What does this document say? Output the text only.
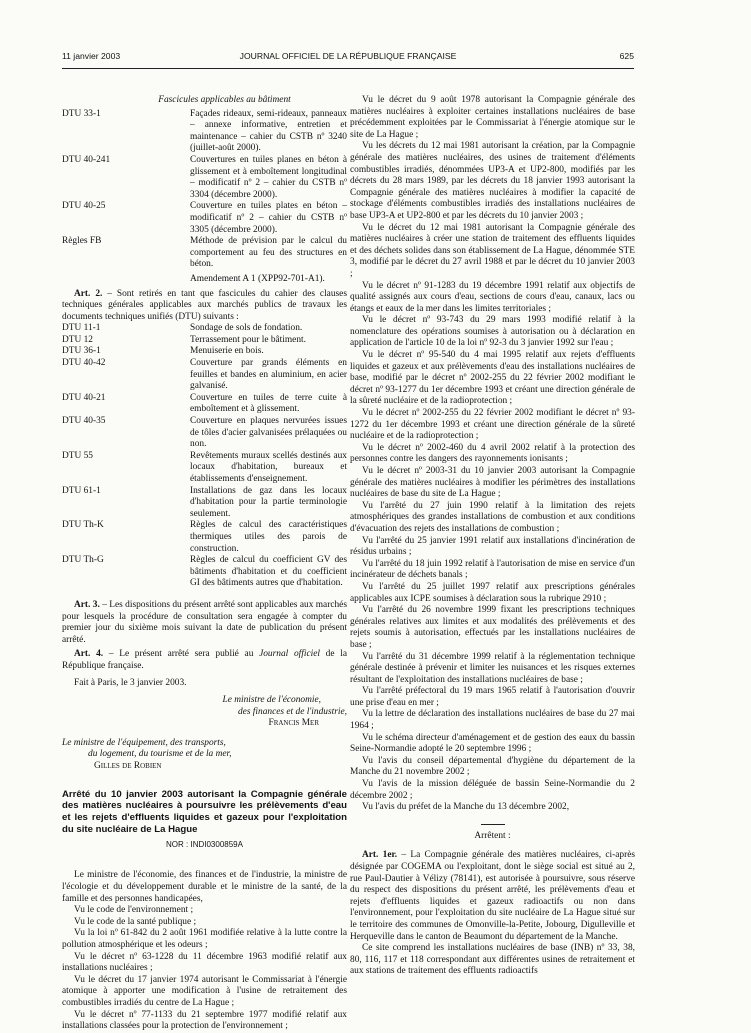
11 janvier 2003	JOURNAL OFFICIEL DE LA RÉPUBLIQUE FRANÇAISE	625

Fascicules applicables au bâtiment

DTU 33-1	Façades rideaux, semi-rideaux, panneaux – annexe informative, entretien et maintenance – cahier du CSTB nº 3240 (juillet-août 2000).
DTU 40-241	Couvertures en tuiles planes en béton à glissement et à emboîtement longitudinal – modificatif nº 2 – cahier du CSTB nº 3304 (décembre 2000).
DTU 40-25	Couverture en tuiles plates en béton – modificatif nº 2 – cahier du CSTB nº 3305 (décembre 2000).
Règles FB	Méthode de prévision par le calcul du comportement au feu des structures en béton.

Amendement A 1 (XPP92-701-A1).

Art. 2. – Sont retirés en tant que fascicules du cahier des clauses techniques générales applicables aux marchés publics de travaux les documents techniques unifiés (DTU) suivants :

DTU 11-1	Sondage de sols de fondation.
DTU 12	Terrassement pour le bâtiment.
DTU 36-1	Menuiserie en bois.
DTU 40-42	Couverture par grands éléments en feuilles et bandes en aluminium, en acier galvanisé.
DTU 40-21	Couverture en tuiles de terre cuite à emboîtement et à glissement.
DTU 40-35	Couverture en plaques nervurées issues de tôles d'acier galvanisées prélaquées ou non.
DTU 55	Revêtements muraux scellés destinés aux locaux d'habitation, bureaux et établissements d'enseignement.
DTU 61-1	Installations de gaz dans les locaux d'habitation pour la partie terminologie seulement.
DTU Th-K	Règles de calcul des caractéristiques thermiques utiles des parois de construction.
DTU Th-G	Règles de calcul du coefficient GV des bâtiments d'habitation et du coefficient GI des bâtiments autres que d'habitation.

Art. 3. – Les dispositions du présent arrêté sont applicables aux marchés pour lesquels la procédure de consultation sera engagée à compter du premier jour du sixième mois suivant la date de publication du présent arrêté.

Art. 4. – Le présent arrêté sera publié au Journal officiel de la République française.

Fait à Paris, le 3 janvier 2003.

Le ministre de l'économie,

des finances et de l'industrie,

Francis Mer

Le ministre de l'équipement, des transports,

du logement, du tourisme et de la mer,

Gilles de Robien

Arrêté du 10 janvier 2003 autorisant la Compagnie générale des matières nucléaires à poursuivre les prélèvements d'eau et les rejets d'effluents liquides et gazeux pour l'exploitation du site nucléaire de La Hague

NOR : INDI0300859A

Le ministre de l'économie, des finances et de l'industrie, la ministre de l'écologie et du développement durable et le ministre de la santé, de la famille et des personnes handicapées,

Vu le code de l'environnement ;

Vu le code de la santé publique ;

Vu la loi nº 61-842 du 2 août 1961 modifiée relative à la lutte contre la pollution atmosphérique et les odeurs ;

Vu le décret nº 63-1228 du 11 décembre 1963 modifié relatif aux installations nucléaires ;

Vu le décret du 17 janvier 1974 autorisant le Commissariat à l'énergie atomique à apporter une modification à l'usine de retraitement des combustibles irradiés du centre de La Hague ;

Vu le décret nº 77-1133 du 21 septembre 1977 modifié relatif aux installations classées pour la protection de l'environnement ;

Vu le décret du 9 août 1978 autorisant la Compagnie générale des matières nucléaires à exploiter certaines installations nucléaires de base précédemment exploitées par le Commissariat à l'énergie atomique sur le site de La Hague ;

Vu les décrets du 12 mai 1981 autorisant la création, par la Compagnie générale des matières nucléaires, des usines de traitement d'éléments combustibles irradiés, dénommées UP3-A et UP2-800, modifiés par les décrets du 28 mars 1989, par les décrets du 18 janvier 1993 autorisant la Compagnie générale des matières nucléaires à modifier la capacité de stockage d'éléments combustibles irradiés des installations nucléaires de base UP3-A et UP2-800 et par les décrets du 10 janvier 2003 ;

Vu le décret du 12 mai 1981 autorisant la Compagnie générale des matières nucléaires à créer une station de traitement des effluents liquides et des déchets solides dans son établissement de La Hague, dénommée STE 3, modifié par le décret du 27 avril 1988 et par le décret du 10 janvier 2003 ;

Vu le décret nº 91-1283 du 19 décembre 1991 relatif aux objectifs de qualité assignés aux cours d'eau, sections de cours d'eau, canaux, lacs ou étangs et eaux de la mer dans les limites territoriales ;

Vu le décret nº 93-743 du 29 mars 1993 modifié relatif à la nomenclature des opérations soumises à autorisation ou à déclaration en application de l'article 10 de la loi nº 92-3 du 3 janvier 1992 sur l'eau ;

Vu le décret nº 95-540 du 4 mai 1995 relatif aux rejets d'effluents liquides et gazeux et aux prélèvements d'eau des installations nucléaires de base, modifié par le décret nº 2002-255 du 22 février 2002 modifiant le décret nº 93-1277 du 1er décembre 1993 et créant une direction générale de la sûreté nucléaire et de la radioprotection ;

Vu le décret nº 2002-255 du 22 février 2002 modifiant le décret nº 93-1272 du 1er décembre 1993 et créant une direction générale de la sûreté nucléaire et de la radioprotection ;

Vu le décret nº 2002-460 du 4 avril 2002 relatif à la protection des personnes contre les dangers des rayonnements ionisants ;

Vu le décret nº 2003-31 du 10 janvier 2003 autorisant la Compagnie générale des matières nucléaires à modifier les périmètres des installations nucléaires de base du site de La Hague ;

Vu l'arrêté du 27 juin 1990 relatif à la limitation des rejets atmosphériques des grandes installations de combustion et aux conditions d'évacuation des rejets des installations de combustion ;

Vu l'arrêté du 25 janvier 1991 relatif aux installations d'incinération de résidus urbains ;

Vu l'arrêté du 18 juin 1992 relatif à l'autorisation de mise en service d'un incinérateur de déchets banals ;

Vu l'arrêté du 25 juillet 1997 relatif aux prescriptions générales applicables aux ICPE soumises à déclaration sous la rubrique 2910 ;

Vu l'arrêté du 26 novembre 1999 fixant les prescriptions techniques générales relatives aux limites et aux modalités des prélèvements et des rejets soumis à autorisation, effectués par les installations nucléaires de base ;

Vu l'arrêté du 31 décembre 1999 relatif à la réglementation technique générale destinée à prévenir et limiter les nuisances et les risques externes résultant de l'exploitation des installations nucléaires de base ;

Vu l'arrêté préfectoral du 19 mars 1965 relatif à l'autorisation d'ouvrir une prise d'eau en mer ;

Vu la lettre de déclaration des installations nucléaires de base du 27 mai 1964 ;

Vu le schéma directeur d'aménagement et de gestion des eaux du bassin Seine-Normandie adopté le 20 septembre 1996 ;

Vu l'avis du conseil départemental d'hygiène du département de la Manche du 21 novembre 2002 ;

Vu l'avis de la mission déléguée de bassin Seine-Normandie du 2 décembre 2002 ;

Vu l'avis du préfet de la Manche du 13 décembre 2002,

Arrêtent :

Art. 1er. – La Compagnie générale des matières nucléaires, ci-après désignée par COGEMA ou l'exploitant, dont le siège social est situé au 2, rue Paul-Dautier à Vélizy (78141), est autorisée à poursuivre, sous réserve du respect des dispositions du présent arrêté, les prélèvements d'eau et rejets d'effluents liquides et gazeux radioactifs ou non dans l'environnement, pour l'exploitation du site nucléaire de La Hague situé sur le territoire des communes de Omonville-la-Petite, Jobourg, Digulleville et Herqueville dans le canton de Beaumont du département de la Manche.

Ce site comprend les installations nucléaires de base (INB) nº 33, 38, 80, 116, 117 et 118 correspondant aux différentes usines de retraitement et aux stations de traitement des effluents radioactifs
